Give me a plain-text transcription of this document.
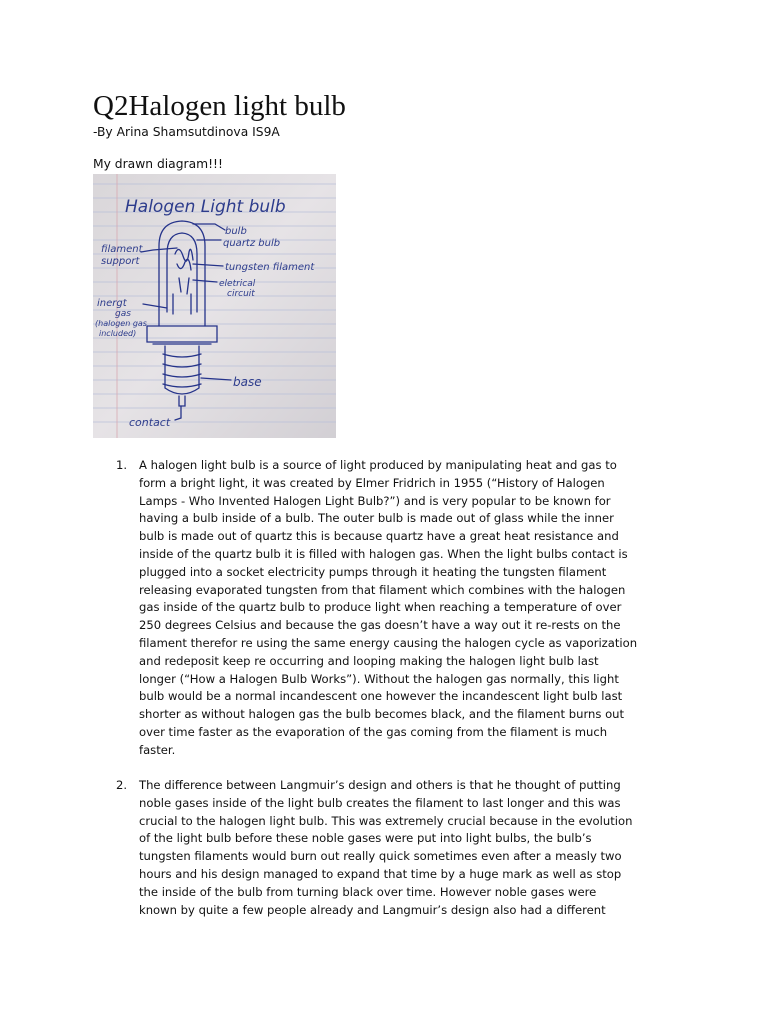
Q2Halogen light bulb
-By Arina Shamsutdinova IS9A
My drawn diagram!!!
Halogen Light bulb
bulb
quartz bulb
filament
support
tungsten filament
eletrical
circuit
inergt
gas
(halogen gas
included)
base
contact
1. A halogen light bulb is a source of light produced by manipulating heat and gas to
form a bright light, it was created by Elmer Fridrich in 1955 (“History of Halogen
Lamps - Who Invented Halogen Light Bulb?”) and is very popular to be known for
having a bulb inside of a bulb. The outer bulb is made out of glass while the inner
bulb is made out of quartz this is because quartz have a great heat resistance and
inside of the quartz bulb it is filled with halogen gas. When the light bulbs contact is
plugged into a socket electricity pumps through it heating the tungsten filament
releasing evaporated tungsten from that filament which combines with the halogen
gas inside of the quartz bulb to produce light when reaching a temperature of over
250 degrees Celsius and because the gas doesn’t have a way out it re-rests on the
filament therefor re using the same energy causing the halogen cycle as vaporization
and redeposit keep re occurring and looping making the halogen light bulb last
longer (“How a Halogen Bulb Works”). Without the halogen gas normally, this light
bulb would be a normal incandescent one however the incandescent light bulb last
shorter as without halogen gas the bulb becomes black, and the filament burns out
over time faster as the evaporation of the gas coming from the filament is much
faster.
2. The difference between Langmuir’s design and others is that he thought of putting
noble gases inside of the light bulb creates the filament to last longer and this was
crucial to the halogen light bulb. This was extremely crucial because in the evolution
of the light bulb before these noble gases were put into light bulbs, the bulb’s
tungsten filaments would burn out really quick sometimes even after a measly two
hours and his design managed to expand that time by a huge mark as well as stop
the inside of the bulb from turning black over time. However noble gases were
known by quite a few people already and Langmuir’s design also had a different
